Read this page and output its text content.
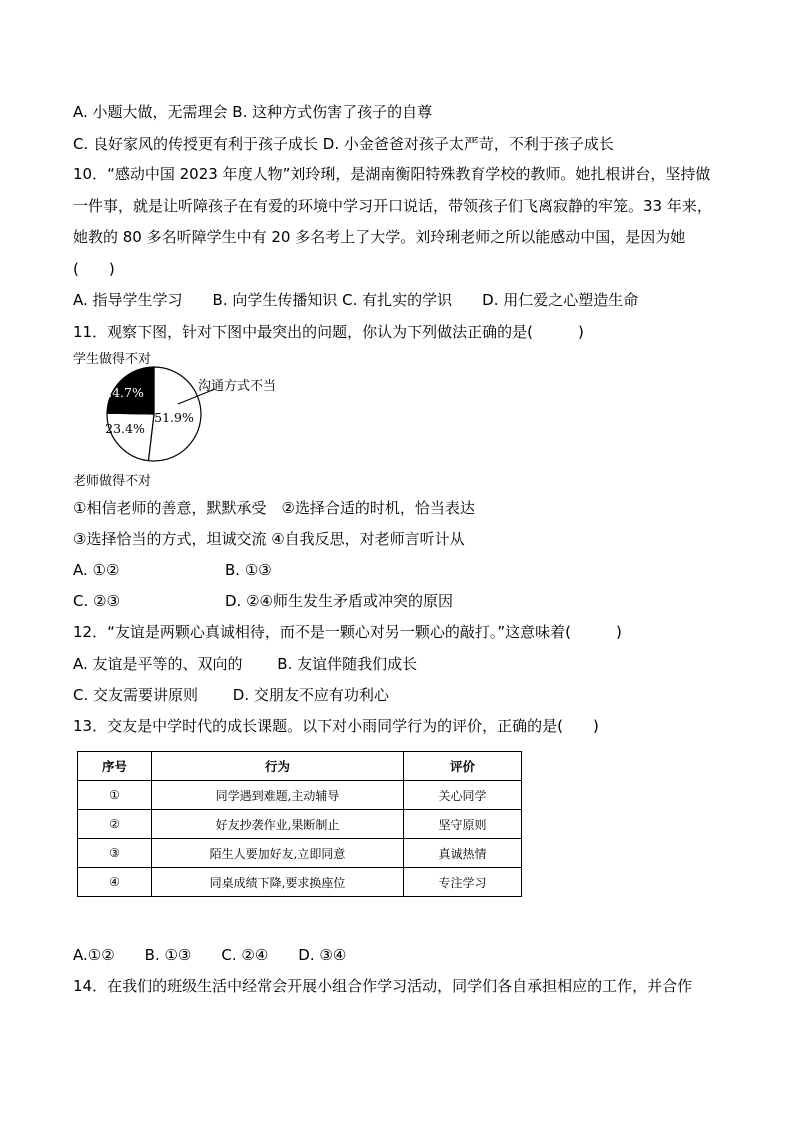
A. 小题大做，无需理会 B. 这种方式伤害了孩子的自尊
C. 良好家风的传授更有利于孩子成长 D. 小金爸爸对孩子太严苛，不利于孩子成长
10．“感动中国 2023 年度人物”刘玲琍，是湖南衡阳特殊教育学校的教师。她扎根讲台，坚持做一件事，就是让听障孩子在有爱的环境中学习开口说话，带领孩子们飞离寂静的牢笼。33 年来，她教的 80 多名听障学生中有 20 多名考上了大学。刘玲琍老师之所以能感动中国，是因为她(　　)
A. 指导学生学习　　B. 向学生传播知识 C. 有扎实的学识　　D. 用仁爱之心塑造生命
11．观察下图，针对下图中最突出的问题，你认为下列做法正确的是(　　　)
学生做得不对
沟通方式不当
老师做得不对
51.9%
23.4%
24.7%
①相信老师的善意，默默承受　②选择合适的时机，恰当表达
③选择恰当的方式，坦诚交流 ④自我反思，对老师言听计从
A. ①②	B. ①③
C. ②③	D. ②④师生发生矛盾或冲突的原因
12．“友谊是两颗心真诚相待，而不是一颗心对另一颗心的敲打。”这意味着(　　　)
A. 友谊是平等的、双向的　　 B. 友谊伴随我们成长
C. 交友需要讲原则　　 D. 交朋友不应有功利心
13．交友是中学时代的成长课题。以下对小雨同学行为的评价，正确的是(　　)
序号	行为	评价
①	同学遇到难题,主动辅导	关心同学
②	好友抄袭作业,果断制止	坚守原则
③	陌生人要加好友,立即同意	真诚热情
④	同桌成绩下降,要求换座位	专注学习
A.①②　　B. ①③　　C. ②④　　D. ③④
14．在我们的班级生活中经常会开展小组合作学习活动，同学们各自承担相应的工作，并合作
